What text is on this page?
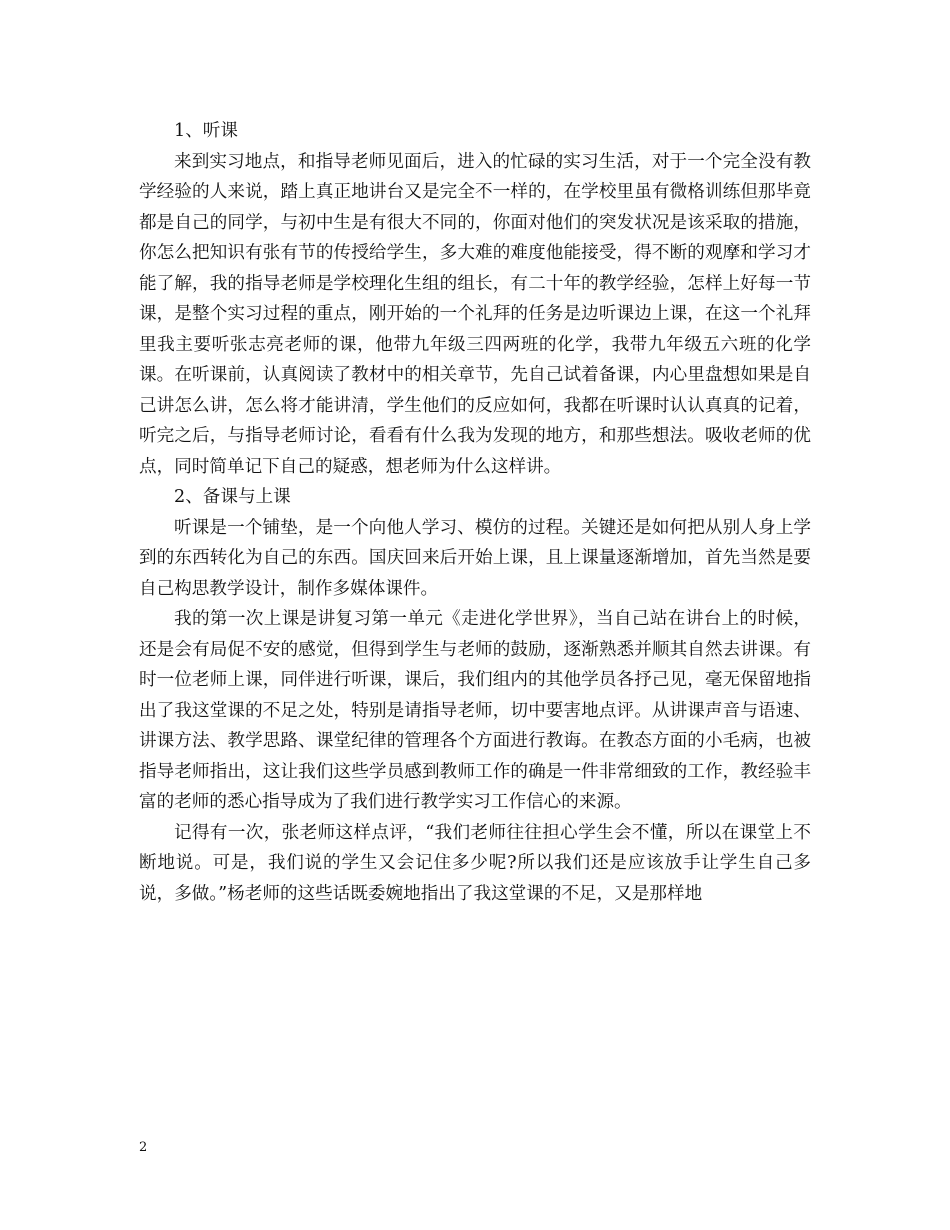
1、听课

来到实习地点，和指导老师见面后，进入的忙碌的实习生活，对于一个完全没有教学经验的人来说，踏上真正地讲台又是完全不一样的，在学校里虽有微格训练但那毕竟都是自己的同学，与初中生是有很大不同的，你面对他们的突发状况是该采取的措施，你怎么把知识有张有节的传授给学生，多大难的难度他能接受，得不断的观摩和学习才能了解，我的指导老师是学校理化生组的组长，有二十年的教学经验，怎样上好每一节课，是整个实习过程的重点，刚开始的一个礼拜的任务是边听课边上课，在这一个礼拜里我主要听张志亮老师的课，他带九年级三四两班的化学，我带九年级五六班的化学课。在听课前，认真阅读了教材中的相关章节，先自己试着备课，内心里盘想如果是自己讲怎么讲，怎么将才能讲清，学生他们的反应如何，我都在听课时认认真真的记着，听完之后，与指导老师讨论，看看有什么我为发现的地方，和那些想法。吸收老师的优点，同时简单记下自己的疑惑，想老师为什么这样讲。

2、备课与上课

听课是一个铺垫，是一个向他人学习、模仿的过程。关键还是如何把从别人身上学到的东西转化为自己的东西。国庆回来后开始上课，且上课量逐渐增加，首先当然是要自己构思教学设计，制作多媒体课件。

我的第一次上课是讲复习第一单元《走进化学世界》，当自己站在讲台上的时候，还是会有局促不安的感觉，但得到学生与老师的鼓励，逐渐熟悉并顺其自然去讲课。有时一位老师上课，同伴进行听课，课后，我们组内的其他学员各抒己见，毫无保留地指出了我这堂课的不足之处，特别是请指导老师，切中要害地点评。从讲课声音与语速、讲课方法、教学思路、课堂纪律的管理各个方面进行教诲。在教态方面的小毛病，也被指导老师指出，这让我们这些学员感到教师工作的确是一件非常细致的工作，教经验丰富的老师的悉心指导成为了我们进行教学实习工作信心的来源。

记得有一次，张老师这样点评，“我们老师往往担心学生会不懂，所以在课堂上不断地说。可是，我们说的学生又会记住多少呢?所以我们还是应该放手让学生自己多说，多做。”杨老师的这些话既委婉地指出了我这堂课的不足，又是那样地

2
